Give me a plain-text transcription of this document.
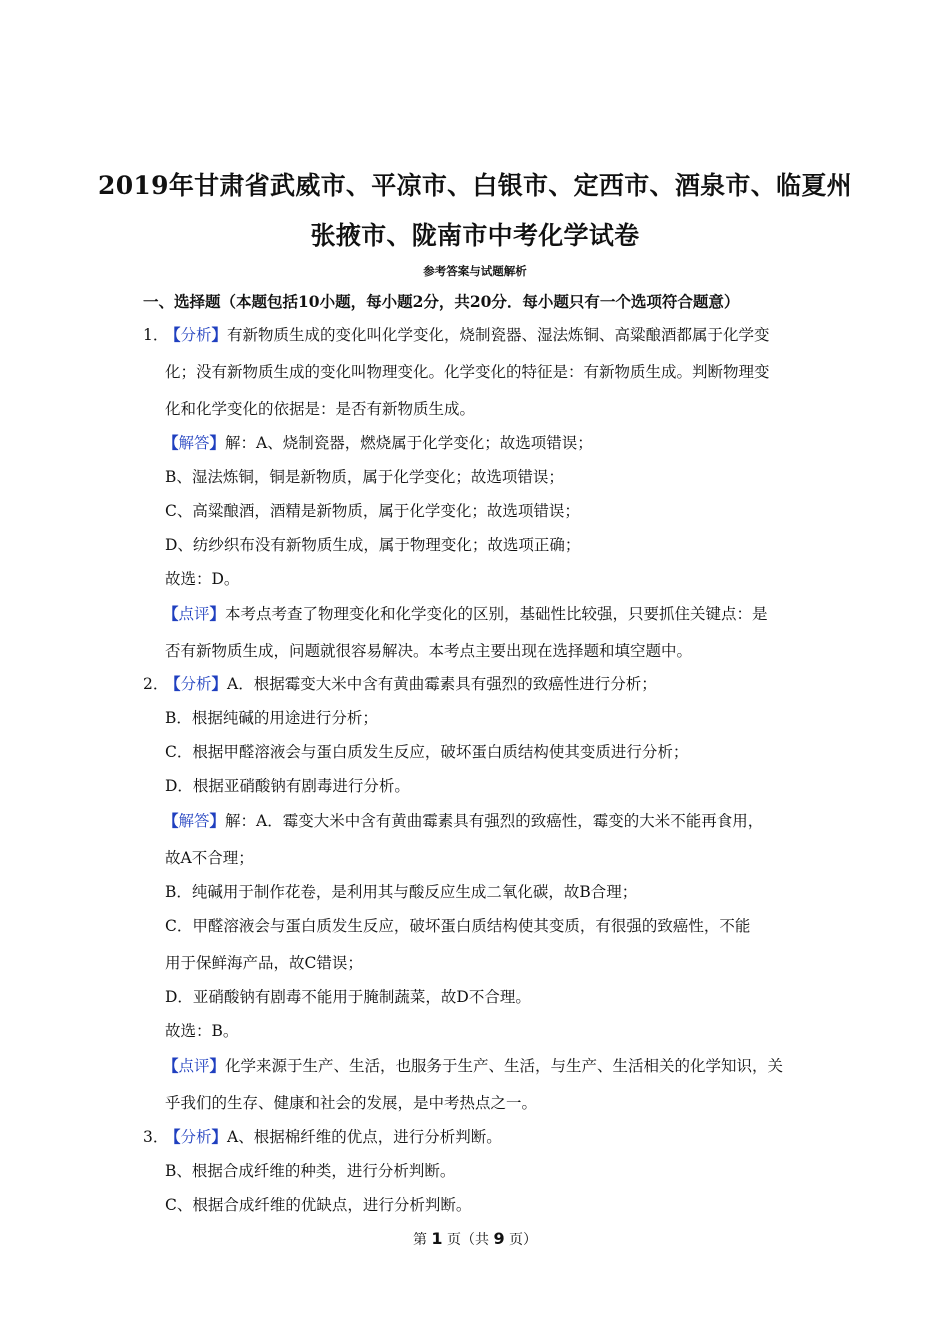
2019年甘肃省武威市、平凉市、白银市、定西市、酒泉市、临夏州
张掖市、陇南市中考化学试卷
参考答案与试题解析
一、选择题（本题包括10小题，每小题2分，共20分．每小题只有一个选项符合题意）
1．
【分析】有新物质生成的变化叫化学变化，烧制瓷器、湿法炼铜、高粱酿酒都属于化学变
化；没有新物质生成的变化叫物理变化。化学变化的特征是：有新物质生成。判断物理变
化和化学变化的依据是：是否有新物质生成。
【解答】解：A、烧制瓷器，燃烧属于化学变化；故选项错误；
B、湿法炼铜，铜是新物质，属于化学变化；故选项错误；
C、高粱酿酒，酒精是新物质，属于化学变化；故选项错误；
D、纺纱织布没有新物质生成，属于物理变化；故选项正确；
故选：D。
【点评】本考点考查了物理变化和化学变化的区别，基础性比较强，只要抓住关键点：是
否有新物质生成，问题就很容易解决。本考点主要出现在选择题和填空题中。
2．
【分析】A．根据霉变大米中含有黄曲霉素具有强烈的致癌性进行分析；
B．根据纯碱的用途进行分析；
C．根据甲醛溶液会与蛋白质发生反应，破坏蛋白质结构使其变质进行分析；
D．根据亚硝酸钠有剧毒进行分析。
【解答】解：A．霉变大米中含有黄曲霉素具有强烈的致癌性，霉变的大米不能再食用，
故A不合理；
B．纯碱用于制作花卷，是利用其与酸反应生成二氧化碳，故B合理；
C．甲醛溶液会与蛋白质发生反应，破坏蛋白质结构使其变质，有很强的致癌性，不能
用于保鲜海产品，故C错误；
D．亚硝酸钠有剧毒不能用于腌制蔬菜，故D不合理。
故选：B。
【点评】化学来源于生产、生活，也服务于生产、生活，与生产、生活相关的化学知识，关
乎我们的生存、健康和社会的发展，是中考热点之一。
3．
【分析】A、根据棉纤维的优点，进行分析判断。
B、根据合成纤维的种类，进行分析判断。
C、根据合成纤维的优缺点，进行分析判断。
第 1 页（共 9 页）
